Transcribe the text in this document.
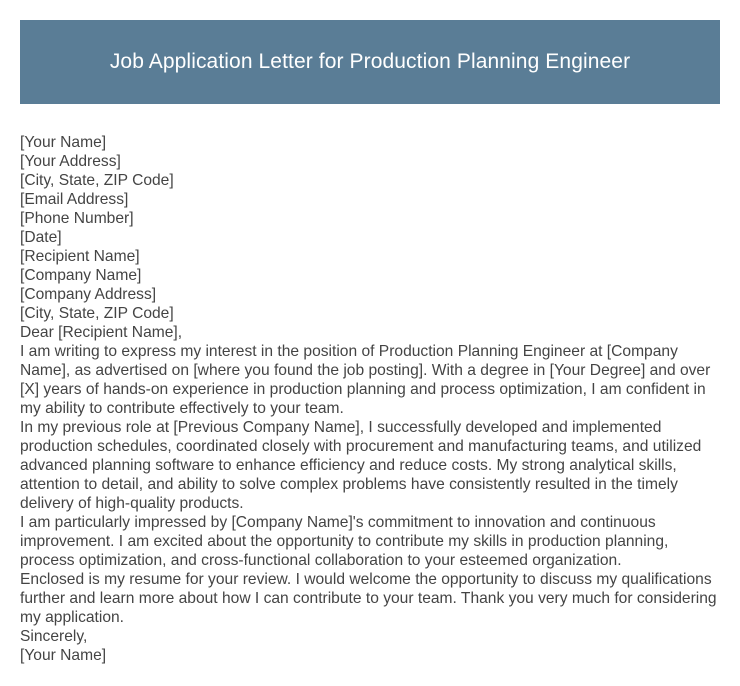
Job Application Letter for Production Planning Engineer
[Your Name]
[Your Address]
[City, State, ZIP Code]
[Email Address]
[Phone Number]
[Date]
[Recipient Name]
[Company Name]
[Company Address]
[City, State, ZIP Code]
Dear [Recipient Name],

I am writing to express my interest in the position of Production Planning Engineer at [Company Name], as advertised on [where you found the job posting]. With a degree in [Your Degree] and over [X] years of hands-on experience in production planning and process optimization, I am confident in my ability to contribute effectively to your team.

In my previous role at [Previous Company Name], I successfully developed and implemented production schedules, coordinated closely with procurement and manufacturing teams, and utilized advanced planning software to enhance efficiency and reduce costs. My strong analytical skills, attention to detail, and ability to solve complex problems have consistently resulted in the timely delivery of high-quality products.

I am particularly impressed by [Company Name]'s commitment to innovation and continuous improvement. I am excited about the opportunity to contribute my skills in production planning, process optimization, and cross-functional collaboration to your esteemed organization.

Enclosed is my resume for your review. I would welcome the opportunity to discuss my qualifications further and learn more about how I can contribute to your team. Thank you very much for considering my application.

Sincerely,
[Your Name]
